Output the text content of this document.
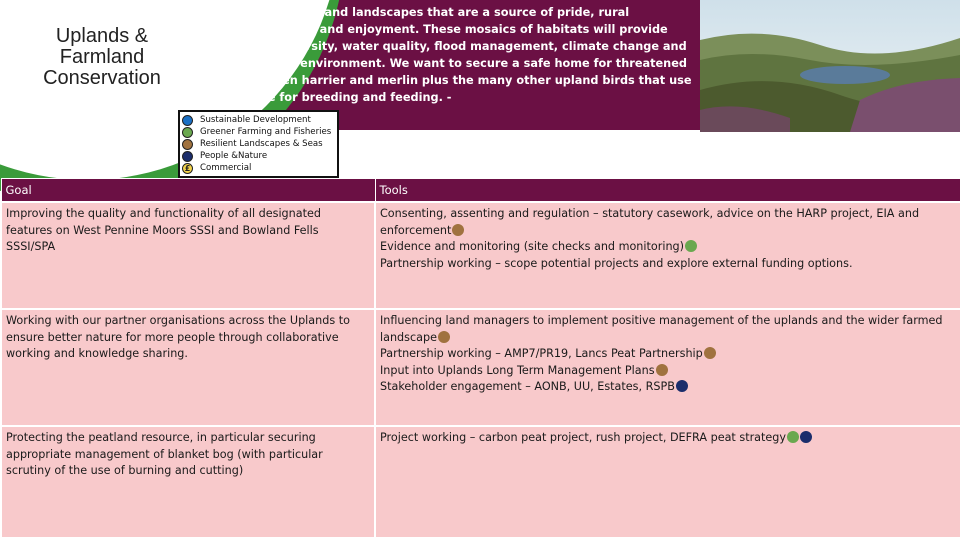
Uplands & Farmland Conservation
Create flourishing upland landscapes that are a source of pride, rural employment, access and enjoyment. These mosaics of habitats will provide benefits to biodiversity, water quality, flood management, climate change and the wider farmed environment. We want to secure a safe home for threatened birds such as hen harrier and merlin plus the many other upland birds that use the landscape for breeding and feeding. -
Sustainable Development
Greener Farming and Fisheries
Resilient Landscapes & Seas
People &Nature
£	Commercial
Goal	Tools
Improving the quality and functionality of all designated features on West Pennine Moors SSSI and Bowland Fells SSSI/SPA	Consenting, assenting and regulation – statutory casework, advice on the HARP project, EIA and enforcement
Evidence and monitoring (site checks and monitoring)
Partnership working – scope potential projects and explore external funding options.

Working with our partner organisations across the Uplands to ensure better nature for more people through collaborative working and knowledge sharing.	Influencing land managers to implement positive management of the uplands and the wider farmed landscape
Partnership working – AMP7/PR19, Lancs Peat Partnership
Input into Uplands Long Term Management Plans
Stakeholder engagement – AONB, UU, Estates, RSPB

Protecting the peatland resource, in particular securing appropriate management of blanket bog (with particular scrutiny of the use of burning and cutting)	Project working – carbon peat project, rush project, DEFRA peat strategy
